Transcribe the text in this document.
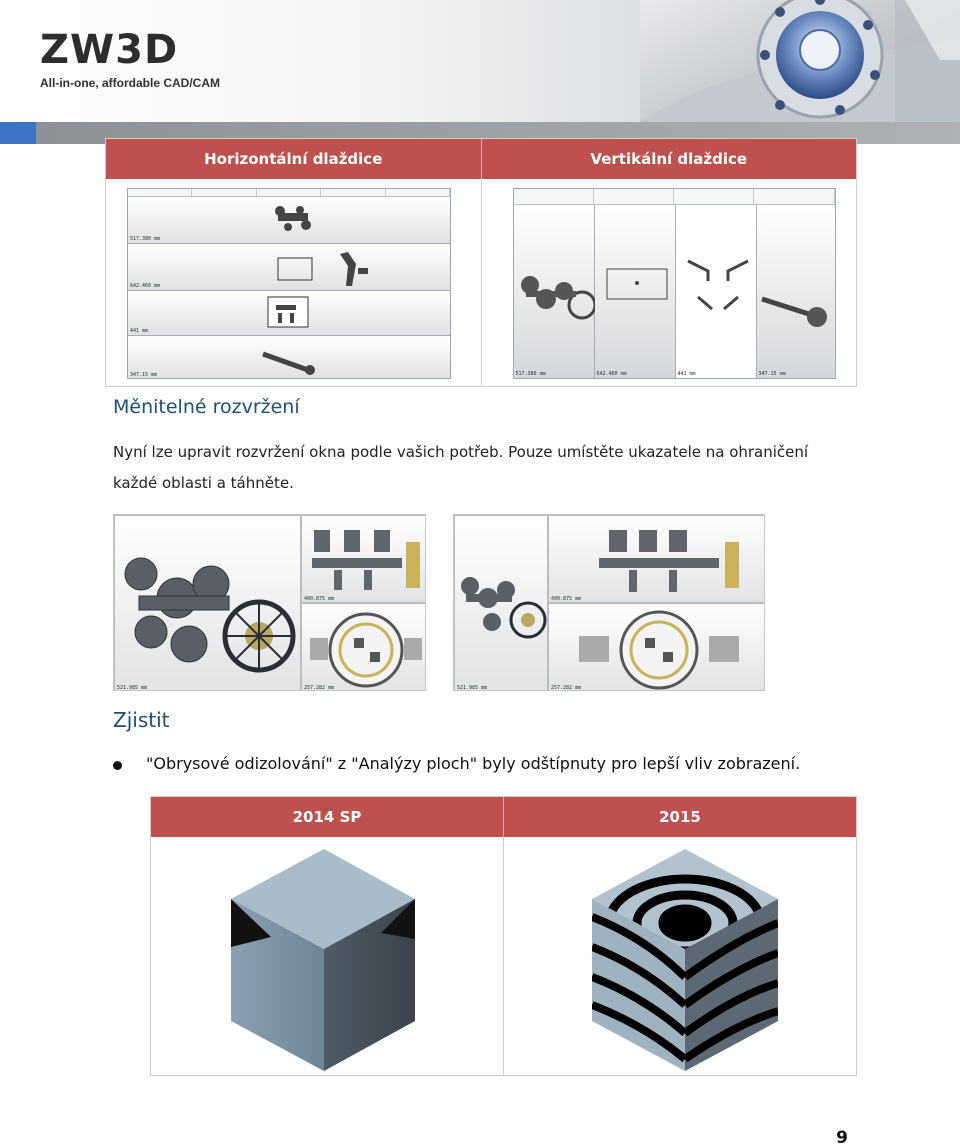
ZW3D
All-in-one, affordable CAD/CAM
Horizontální dlaždice	Vertikální dlaždice
517.380 mm
642.460 mm
441 mm
347.15 mm	517.380 mm	642.460 mm	441 mm	347.15 mm
Měnitelné rozvržení
Nyní lze upravit rozvržení okna podle vašich potřeb. Pouze umístěte ukazatele na ohraničení
každé oblasti a táhněte.
521.985 mm
400.875 mm
257.282 mm	521.985 mm
400.875 mm
257.282 mm
Zjistit
"Obrysové odizolování" z "Analýzy ploch" byly odštípnuty pro lepší vliv zobrazení.
2014 SP	2015
9
